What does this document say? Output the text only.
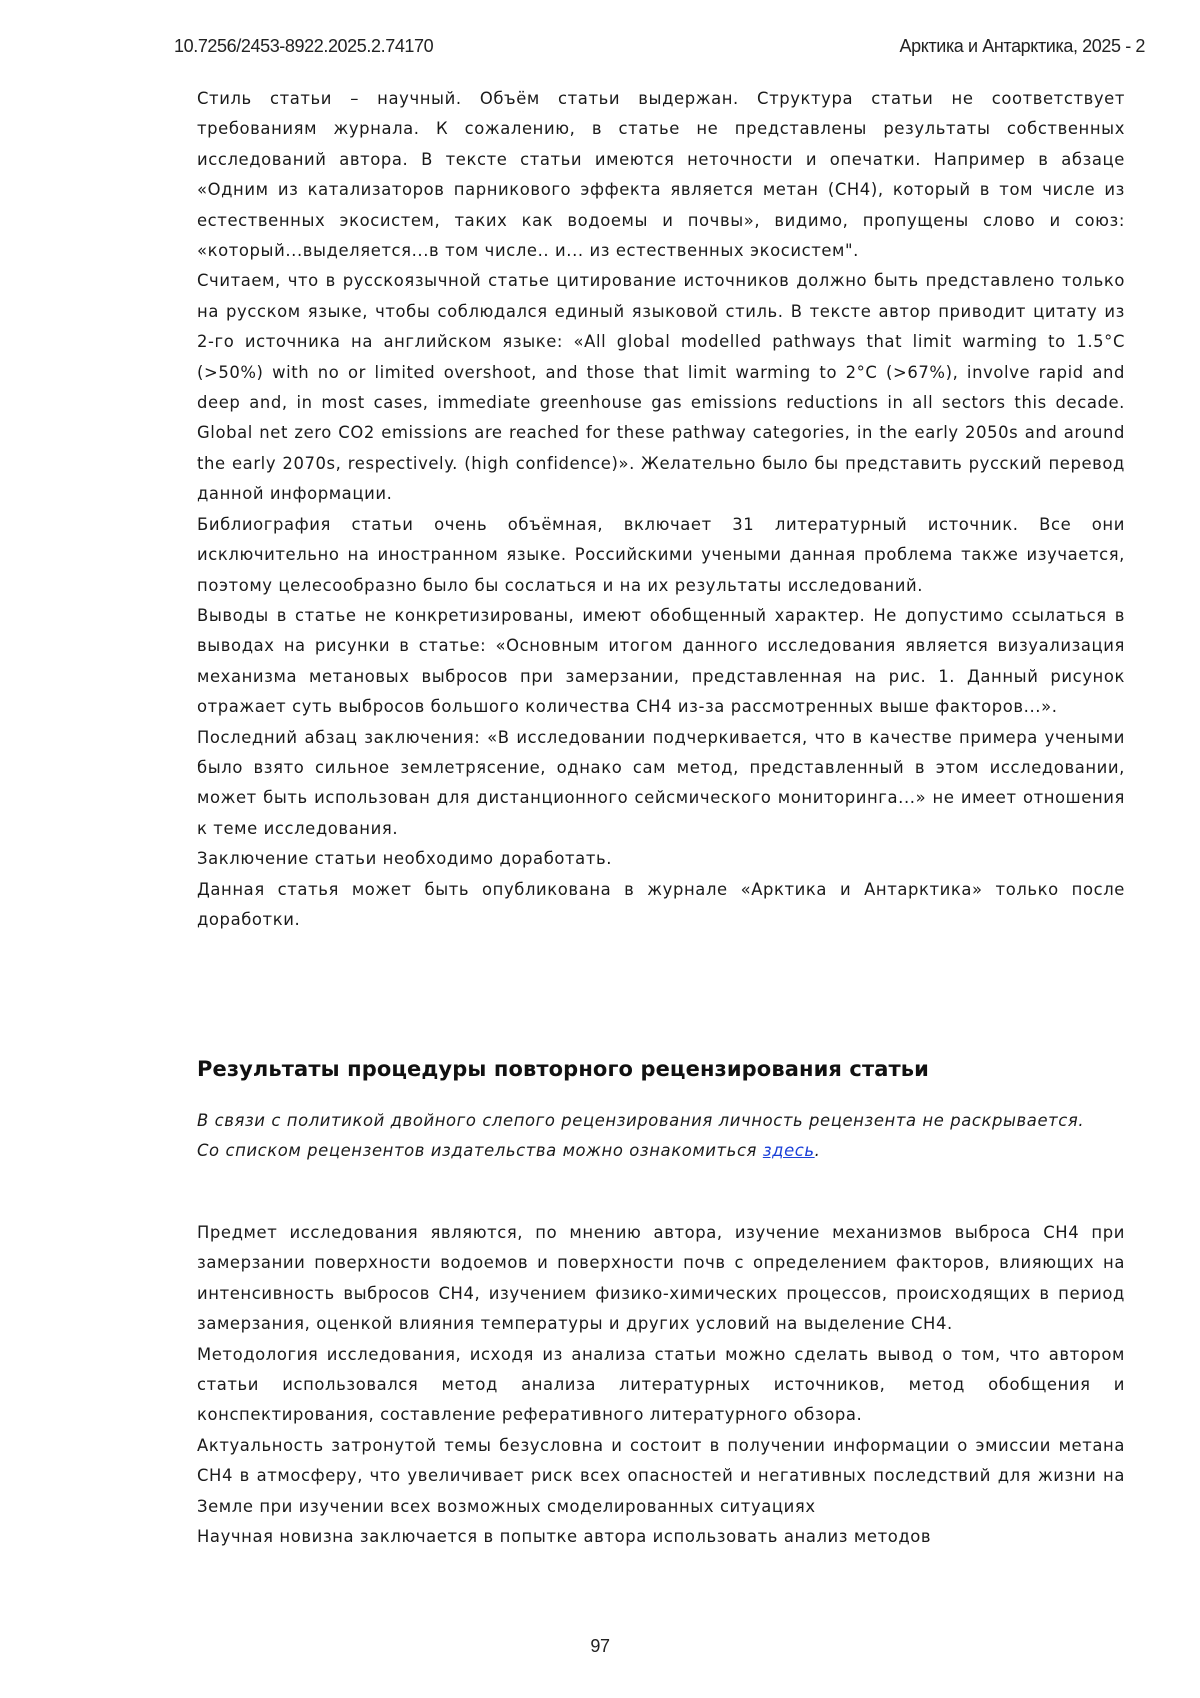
10.7256/2453-8922.2025.2.74170	Арктика и Антарктика, 2025 - 2

Стиль статьи – научный. Объём статьи выдержан. Структура статьи не соответствует требованиям журнала. К сожалению, в статье не представлены результаты собственных исследований автора. В тексте статьи имеются неточности и опечатки. Например в абзаце «Одним из катализаторов парникового эффекта является метан (CH4), который в том числе из естественных экосистем, таких как водоемы и почвы», видимо, пропущены слово и союз: «который...выделяется...в том числе.. и... из естественных экосистем".

Считаем, что в русскоязычной статье цитирование источников должно быть представлено только на русском языке, чтобы соблюдался единый языковой стиль. В тексте автор приводит цитату из 2-го источника на английском языке: «All global modelled pathways that limit warming to 1.5°C (>50%) with no or limited overshoot, and those that limit warming to 2°C (>67%), involve rapid and deep and, in most cases, immediate greenhouse gas emissions reductions in all sectors this decade. Global net zero CO2 emissions are reached for these pathway categories, in the early 2050s and around the early 2070s, respectively. (high confidence)». Желательно было бы представить русский перевод данной информации.

Библиография статьи очень объёмная, включает 31 литературный источник. Все они исключительно на иностранном языке. Российскими учеными данная проблема также изучается, поэтому целесообразно было бы сослаться и на их результаты исследований.

Выводы в статье не конкретизированы, имеют обобщенный характер. Не допустимо ссылаться в выводах на рисунки в статье: «Основным итогом данного исследования является визуализация механизма метановых выбросов при замерзании, представленная на рис. 1. Данный рисунок отражает суть выбросов большого количества CH4 из-за рассмотренных выше факторов...».

Последний абзац заключения: «В исследовании подчеркивается, что в качестве примера учеными было взято сильное землетрясение, однако сам метод, представленный в этом исследовании, может быть использован для дистанционного сейсмического мониторинга...» не имеет отношения к теме исследования.

Заключение статьи необходимо доработать.

Данная статья может быть опубликована в журнале «Арктика и Антарктика» только после доработки.

Результаты процедуры повторного рецензирования статьи

В связи с политикой двойного слепого рецензирования личность рецензента не раскрывается.

Со списком рецензентов издательства можно ознакомиться здесь.

Предмет исследования являются, по мнению автора, изучение механизмов выброса CH4 при замерзании поверхности водоемов и поверхности почв с определением факторов, влияющих на интенсивность выбросов CH4, изучением физико-химических процессов, происходящих в период замерзания, оценкой влияния температуры и других условий на выделение CH4.

Методология исследования, исходя из анализа статьи можно сделать вывод о том, что автором статьи использовался метод анализа литературных источников, метод обобщения и конспектирования, составление реферативного литературного обзора.

Актуальность затронутой темы безусловна и состоит в получении информации о эмиссии метана CH4 в атмосферу, что увеличивает риск всех опасностей и негативных последствий для жизни на Земле при изучении всех возможных смоделированных ситуациях

Научная новизна заключается в попытке автора использовать анализ методов

97
